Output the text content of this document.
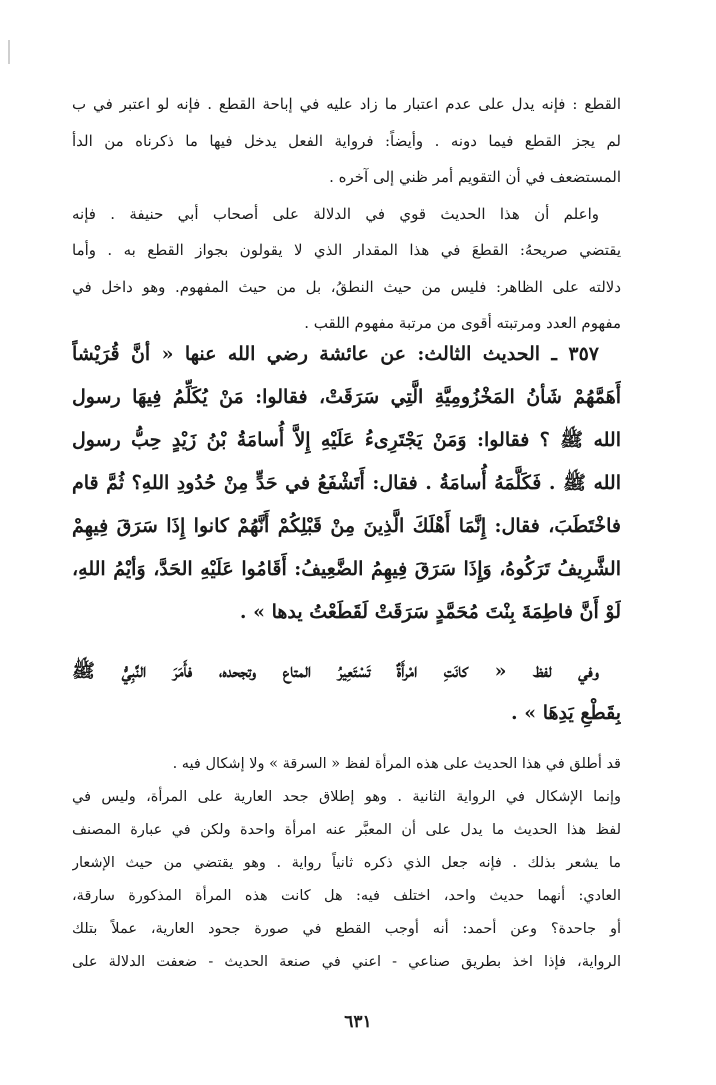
القطع : فإنه يدل على عدم اعتبار ما زاد عليه في إباحة القطع . فإنه لو اعتبر في ب
لم يجز القطع فيما دونه . وأيضاً: فرواية الفعل يدخل فيها ما ذكرناه من الدأ
المستضعف في أن التقويم أمر ظني إلى آخره .
واعلم أن هذا الحديث قوي في الدلالة على أصحاب أبي حنيفة . فإنه
يقتضي صريحهُ: القطعَ في هذا المقدار الذي لا يقولون بجواز القطع به . وأما
دلالته على الظاهر: فليس من حيث النطقُ، بل من حيث المفهوم. وهو داخل في
مفهوم العدد ومرتبته أقوى من مرتبة مفهوم اللقب .
٣٥٧ ـ الحديث الثالث: عن عائشة رضي الله عنها « أنَّ قُرَيْشاً
أَهَمَّهُمْ شَأنُ المَخْزُومِيَّةِ الَّتِي سَرَقَتْ، فقالوا: مَنْ يُكَلِّمُ فِيهَا رسول
الله ﷺ ؟ فقالوا: وَمَنْ يَجْتَرِىءُ عَلَيْهِ إِلاَّ أُسامَةُ بْنُ زَيْدٍ حِبُّ رسول
الله ﷺ . فَكَلَّمَهُ أُسامَةُ . فقال: أَتَشْفَعُ في حَدٍّ مِنْ حُدُودِ اللهِ؟ ثُمَّ قام
فاخْتَطَبَ، فقال: إِنَّمَا أَهْلَكَ الَّذِينَ مِنْ قَبْلِكُمْ أَنَّهُمْ كانوا إِذَا سَرَقَ فِيهِمْ
الشَّرِيفُ تَرَكُوهُ، وَإِذَا سَرَقَ فِيهِمُ الضَّعِيفُ: أَقَامُوا عَلَيْهِ الحَدَّ، وَأيْمُ اللهِ،
لَوْ أَنَّ فاطِمَةَ بِنْتَ مُحَمَّدٍ سَرَقَتْ لَقَطَعْتُ يدها » .
وفي لفظ « كانَتِ امْرأَةٌ تَسْتَعِيرُ المتاع وتجحده، فأَمَرَ النَّبِيُّ ﷺ
بِقَطْعِ يَدِهَا » .
قد أطلق في هذا الحديث على هذه المرأة لفظ « السرقة » ولا إشكال فيه .
وإنما الإشكال في الرواية الثانية . وهو إطلاق جحد العارية على المرأة، وليس في
لفظ هذا الحديث ما يدل على أن المعبَّر عنه امرأة واحدة ولكن في عبارة المصنف
ما يشعر بذلك . فإنه جعل الذي ذكره ثانياً رواية . وهو يقتضي من حيث الإشعار
العادي: أنهما حديث واحد، اختلف فيه: هل كانت هذه المرأة المذكورة سارقة،
أو جاحدة؟ وعن أحمد: أنه أوجب القطع في صورة جحود العارية، عملاً بتلك
الرواية، فإذا اخذ بطريق صناعي - اعني في صنعة الحديث - ضعفت الدلالة على
٦٣١
